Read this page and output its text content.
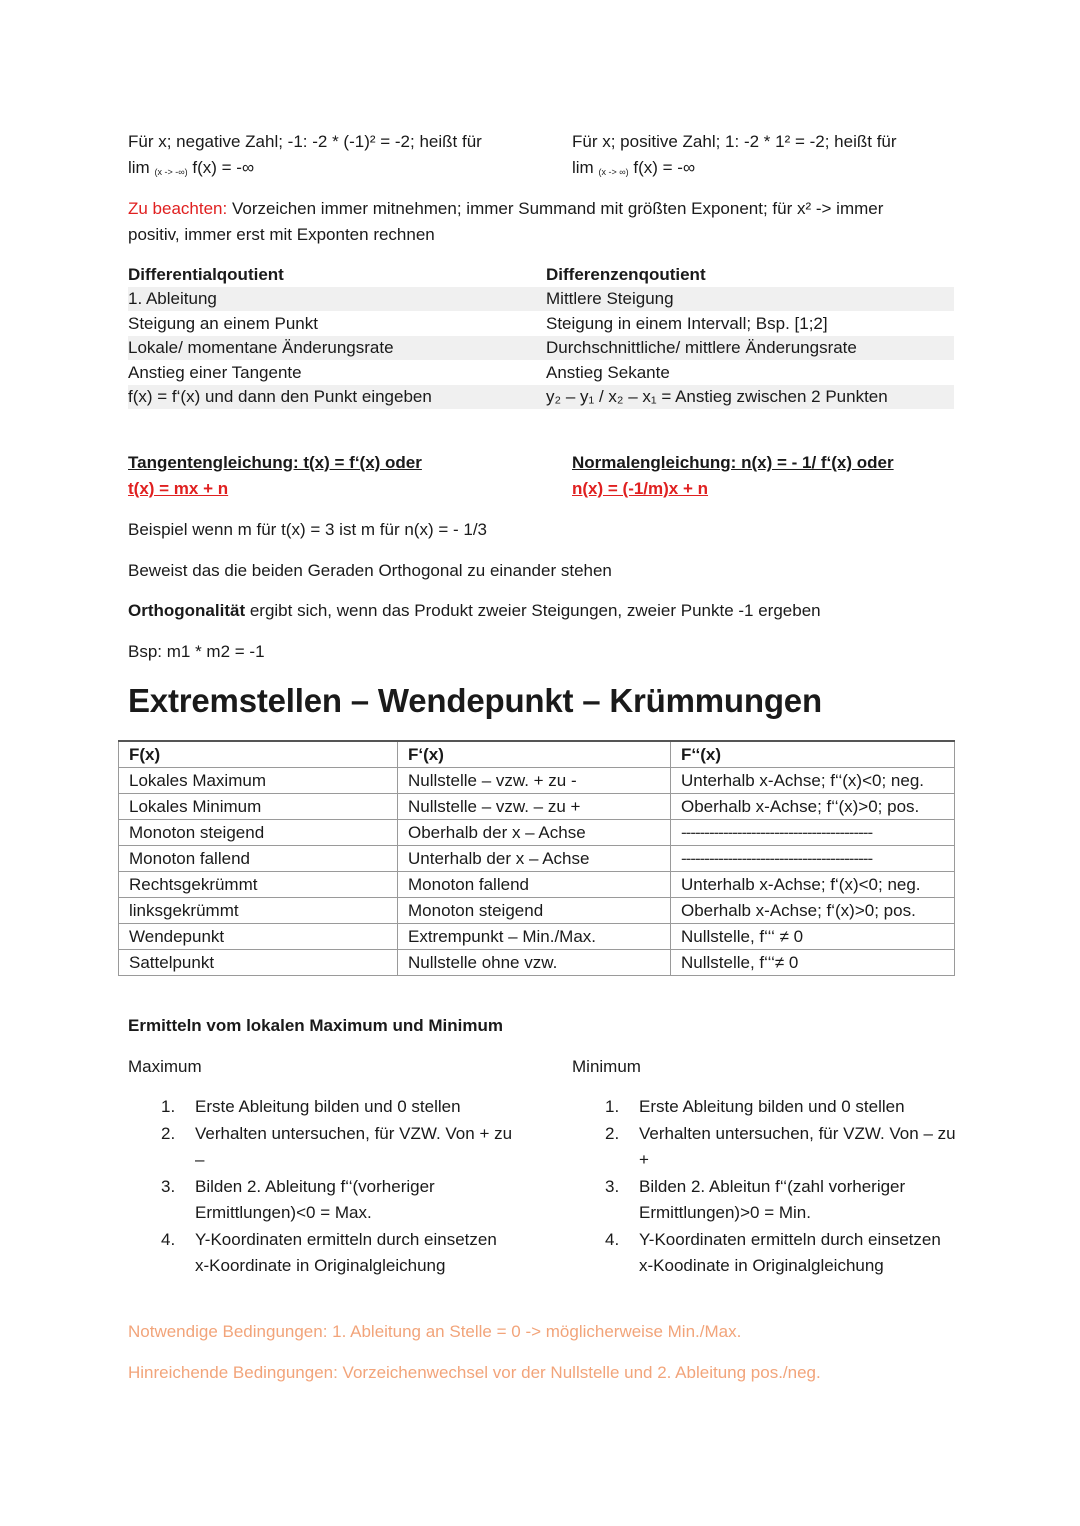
Für x; negative Zahl; -1: -2 * (-1)² = -2; heißt für
lim $_{(x -> -\infty)}$ f(x) = -∞
Für x; positive Zahl; 1: -2 * 1² = -2; heißt für
lim $_{(x -> \infty)}$ f(x) = -∞
Zu beachten: Vorzeichen immer mitnehmen; immer Summand mit größten Exponent; für x² -> immer
positiv, immer erst mit Exponten rechnen
Differentialqoutient	Differenzenqoutient
1. Ableitung	Mittlere Steigung
Steigung an einem Punkt	Steigung in einem Intervall; Bsp. [1;2]
Lokale/ momentane Änderungsrate	Durchschnittliche/ mittlere Änderungsrate
Anstieg einer Tangente	Anstieg Sekante
f(x) = f‘(x) und dann den Punkt eingeben	y₂ – y₁ / x₂ – x₁ = Anstieg zwischen 2 Punkten
Tangentengleichung: t(x) = f‘(x) oder
t(x) = mx + n
Normalengleichung: n(x) = - 1/ f‘(x) oder
n(x) = (-1/m)x + n
Beispiel wenn m für t(x) = 3 ist m für n(x) = - 1/3
Beweist das die beiden Geraden Orthogonal zu einander stehen
Orthogonalität ergibt sich, wenn das Produkt zweier Steigungen, zweier Punkte -1 ergeben
Bsp: m1 * m2 = -1
Extremstellen – Wendepunkt – Krümmungen
F(x)	F‘(x)	F‘‘(x)
Lokales Maximum	Nullstelle – vzw. + zu -	Unterhalb x-Achse; f‘‘(x)<0; neg.
Lokales Minimum	Nullstelle – vzw. – zu +	Oberhalb x-Achse; f‘‘(x)>0; pos.
Monoton steigend	Oberhalb der x – Achse	-----------------------------------------
Monoton fallend	Unterhalb der x – Achse	-----------------------------------------
Rechtsgekrümmt	Monoton fallend	Unterhalb x-Achse; f‘(x)<0; neg.
linksgekrümmt	Monoton steigend	Oberhalb x-Achse; f‘(x)>0; pos.
Wendepunkt	Extrempunkt – Min./Max.	Nullstelle, f‘‘‘ ≠ 0
Sattelpunkt	Nullstelle ohne vzw.	Nullstelle, f‘‘‘≠ 0
Ermitteln vom lokalen Maximum und Minimum
Maximum	Minimum
1. Erste Ableitung bilden und 0 stellen
2. Verhalten untersuchen, für VZW. Von + zu –
3. Bilden 2. Ableitung f‘‘(vorheriger Ermittlungen)<0 = Max.
4. Y-Koordinaten ermitteln durch einsetzen x-Koordinate in Originalgleichung
1. Erste Ableitung bilden und 0 stellen
2. Verhalten untersuchen, für VZW. Von – zu +
3. Bilden 2. Ableitun f‘‘(zahl vorheriger Ermittlungen)>0 = Min.
4. Y-Koordinaten ermitteln durch einsetzen x-Koodinate in Originalgleichung
Notwendige Bedingungen: 1. Ableitung an Stelle = 0 -> möglicherweise Min./Max.
Hinreichende Bedingungen: Vorzeichenwechsel vor der Nullstelle und 2. Ableitung pos./neg.
